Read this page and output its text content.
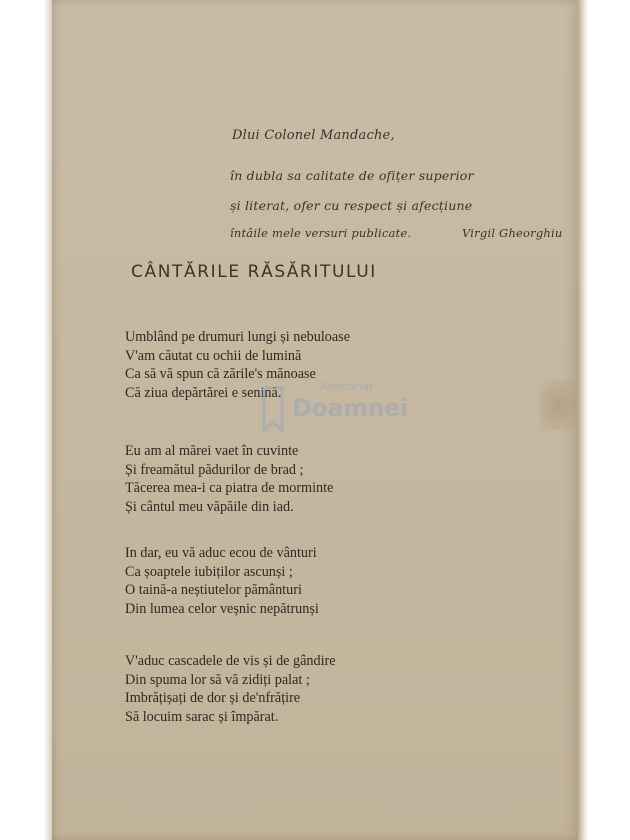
Dlui Colonel Mandache,
în dubla sa calitate de ofițer superior
și literat, ofer cu respect și afecțiune
întâile mele versuri publicate.	Virgil Gheorghiu
CÂNTĂRILE RĂSĂRITULUI
Umblând pe drumuri lungi și nebuloase
V'am căutat cu ochii de lumină
Ca să vă spun că zările's mănoase
Că ziua depărtărei e senină.
Eu am al mărei vaet în cuvinte
Și freamătul pădurilor de brad ;
Tăcerea mea-i ca piatra de morminte
Și cântul meu văpăile din iad.
In dar, eu vă aduc ecou de vânturi
Ca șoaptele iubiților ascunși ;
O taină-a neștiutelor pământuri
Din lumea celor veșnic nepătrunși
V'aduc cascadele de vis și de gândire
Din spuma lor să vă zidiți palat ;
Imbrățișați de dor și de'nfrățire
Să locuim sarac și împărat.
Anticariat
Doamnei
